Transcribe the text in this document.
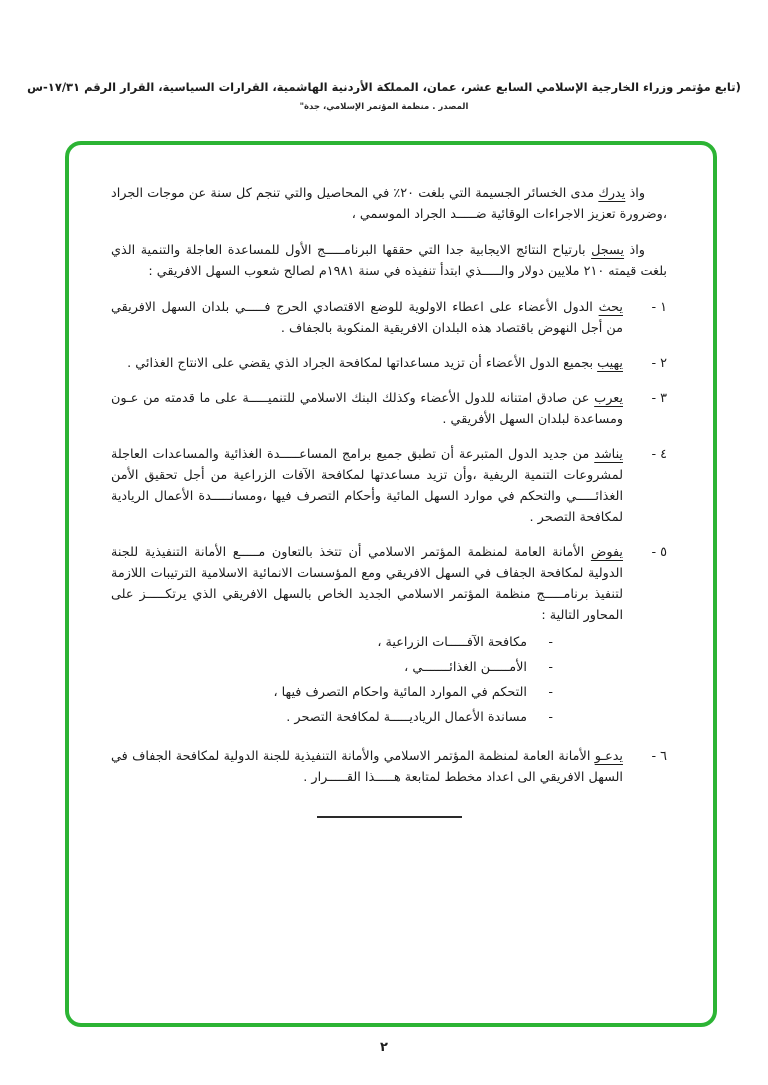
(تابع مؤتمر وزراء الخارجية الإسلامي السابع عشر، عمان، المملكة الأردنية الهاشمية، القرارات السياسية، القرار الرقم ١٧/٣١-س
المصدر . منظمة المؤتمر الإسلامي، جدة"

واذ يدرك مدى الخسائر الجسيمة التي بلغت ٢٠٪ في المحاصيل والتي تنجم كل سنة عن موجات الجراد ،وضرورة تعزيز الاجراءات الوقائية ضـــــد الجراد الموسمي ،

واذ يسجل بارتياح النتائج الايجابية جدا التي حققها البرنامـــــج الأول للمساعدة العاجلة والتنمية الذي بلغت قيمته ٢١٠ ملايين دولار والـــــذي ابتدأ تنفيذه في سنة ١٩٨١م لصالح شعوب السهل الافريقي :

١ -
يحث الدول الأعضاء على اعطاء الاولوية للوضع الاقتصادي الحرج فـــــي بلدان السهل الافريقي من أجل النهوض باقتصاد هذه البلدان الافريقية المنكوبة بالجفاف .
٢ -
يهيب بجميع الدول الأعضاء أن تزيد مساعداتها لمكافحة الجراد الذي يقضي على الانتاج الغذائي .
٣ -
يعرب عن صادق امتنانه للدول الأعضاء وكذلك البنك الاسلامي للتنميـــــة على ما قدمته من عـون ومساعدة لبلدان السهل الأفريقي .
٤ -
يناشد من جديد الدول المتبرعة أن تطبق جميع برامج المساعـــــدة الغذائية والمساعدات العاجلة لمشروعات التنمية الريفية ،وأن تزيد مساعدتها لمكافحة الآفات الزراعية من أجل تحقيق الأمن الغذائـــــي والتحكم في موارد السهل المائية وأحكام التصرف فيها ،ومسانـــــدة الأعمال الريادية لمكافحة التصحر .
٥ -
يفوض الأمانة العامة لمنظمة المؤتمر الاسلامي أن تتخذ بالتعاون مـــــع الأمانة التنفيذية للجنة الدولية لمكافحة الجفاف في السهل الافريقي ومع المؤسسات الانمائية الاسلامية الترتيبات اللازمة لتنفيذ برنامـــــج منظمة المؤتمر الاسلامي الجديد الخاص بالسهل الافريقي الذي يرتكـــــز على المحاور التالية :
-
مكافحة الآفـــــات الزراعية ،
-
الأمـــــن الغذائـــــــي ،
-
التحكم في الموارد المائية واحكام التصرف فيها ،
-
مساندة الأعمال الرياديـــــة لمكافحة التصحر .
٦ -
يدعـو الأمانة العامة لمنظمة المؤتمر الاسلامي والأمانة التنفيذية للجنة الدولية لمكافحة الجفاف في السهل الافريقي الى اعداد مخطط لمتابعة هـــــذا القـــــرار .
٢
